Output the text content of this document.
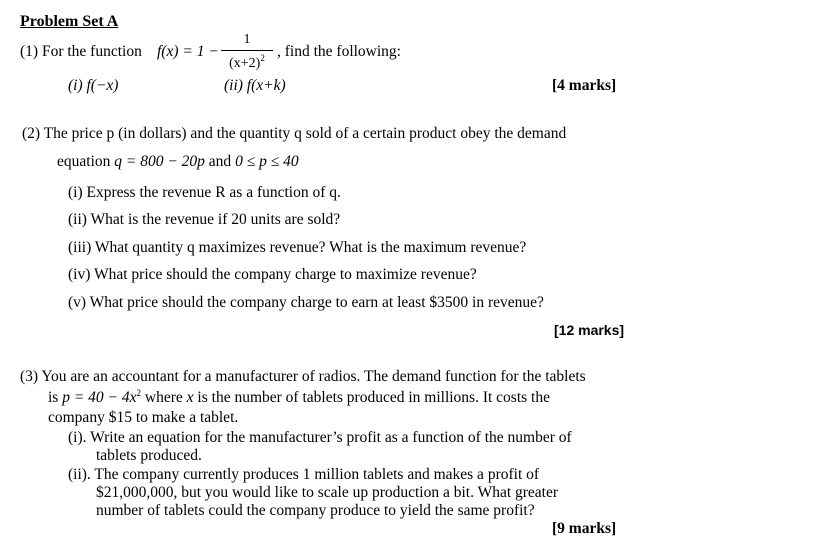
Problem Set A
(1) For the function f(x) = 1 −
1
$(x+2)^2$ , find the following:
(i) f(−x)	(ii) f(x+k)	[4 marks]
(2) The price p (in dollars) and the quantity q sold of a certain product obey the demand
equation q = 800 − 20p and 0 ≤ p ≤ 40
(i) Express the revenue R as a function of q.
(ii) What is the revenue if 20 units are sold?
(iii) What quantity q maximizes revenue? What is the maximum revenue?
(iv) What price should the company charge to maximize revenue?
(v) What price should the company charge to earn at least $3500 in revenue?
[12 marks]
(3) You are an accountant for a manufacturer of radios. The demand function for the tablets
is $p = 40 - 4x^2$ where x is the number of tablets produced in millions. It costs the
company $15 to make a tablet.
(i). Write an equation for the manufacturer’s profit as a function of the number of
tablets produced.
(ii). The company currently produces 1 million tablets and makes a profit of
$21,000,000, but you would like to scale up production a bit. What greater
number of tablets could the company produce to yield the same profit?
[9 marks]
